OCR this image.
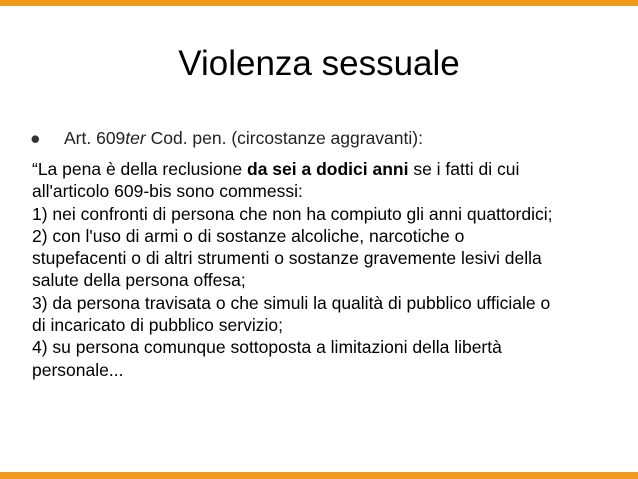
Violenza sessuale
● Art. 609ter Cod. pen. (circostanze aggravanti):
“La pena è della reclusione da sei a dodici anni se i fatti di cui
all'articolo 609-bis sono commessi:
1) nei confronti di persona che non ha compiuto gli anni quattordici;
2) con l'uso di armi o di sostanze alcoliche, narcotiche o
stupefacenti o di altri strumenti o sostanze gravemente lesivi della
salute della persona offesa;
3) da persona travisata o che simuli la qualità di pubblico ufficiale o
di incaricato di pubblico servizio;
4) su persona comunque sottoposta a limitazioni della libertà
personale...
